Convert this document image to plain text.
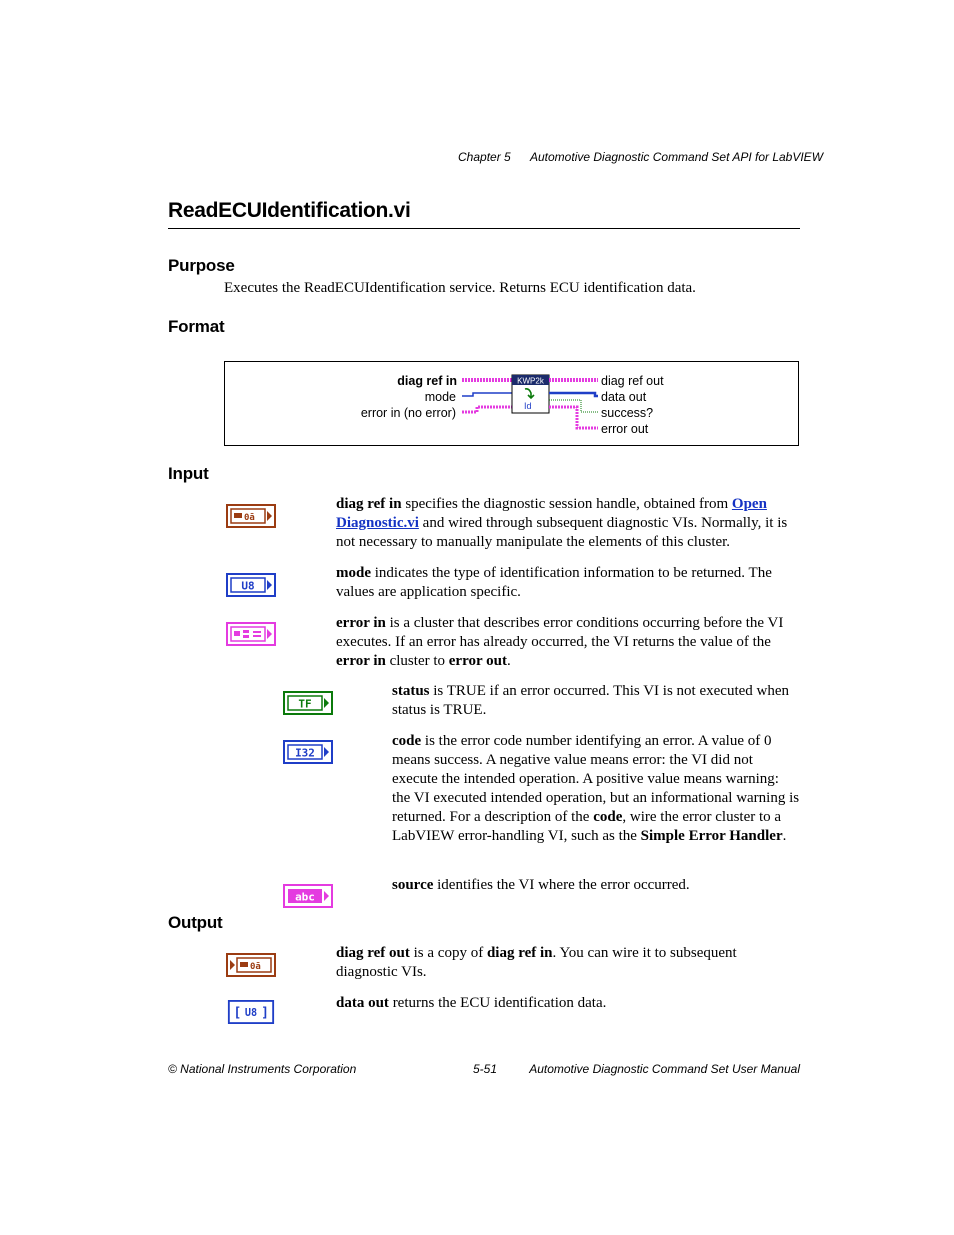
Chapter 5 Automotive Diagnostic Command Set API for LabVIEW
ReadECUIdentification.vi
Purpose
Executes the ReadECUIdentification service. Returns ECU identification data.
Format
KWP2k
Id
diag ref in
mode
error in (no error)
diag ref out
data out
success?
error out
Input
0ā
diag ref in specifies the diagnostic session handle, obtained from Open Diagnostic.vi and wired through subsequent diagnostic VIs. Normally, it is not necessary to manually manipulate the elements of this cluster.
U8
mode indicates the type of identification information to be returned. The values are application specific.
error in is a cluster that describes error conditions occurring before the VI executes. If an error has already occurred, the VI returns the value of the error in cluster to error out.
TF
status is TRUE if an error occurred. This VI is not executed when status is TRUE.
I32
code is the error code number identifying an error. A value of 0 means success. A negative value means error: the VI did not execute the intended operation. A positive value means warning: the VI executed intended operation, but an informational warning is returned. For a description of the code, wire the error cluster to a LabVIEW error-handling VI, such as the Simple Error Handler.
abc
source identifies the VI where the error occurred.
Output
0ā
diag ref out is a copy of diag ref in. You can wire it to subsequent diagnostic VIs.
[ U8 ]
data out returns the ECU identification data.
© National Instruments Corporation	5-51	Automotive Diagnostic Command Set User Manual
